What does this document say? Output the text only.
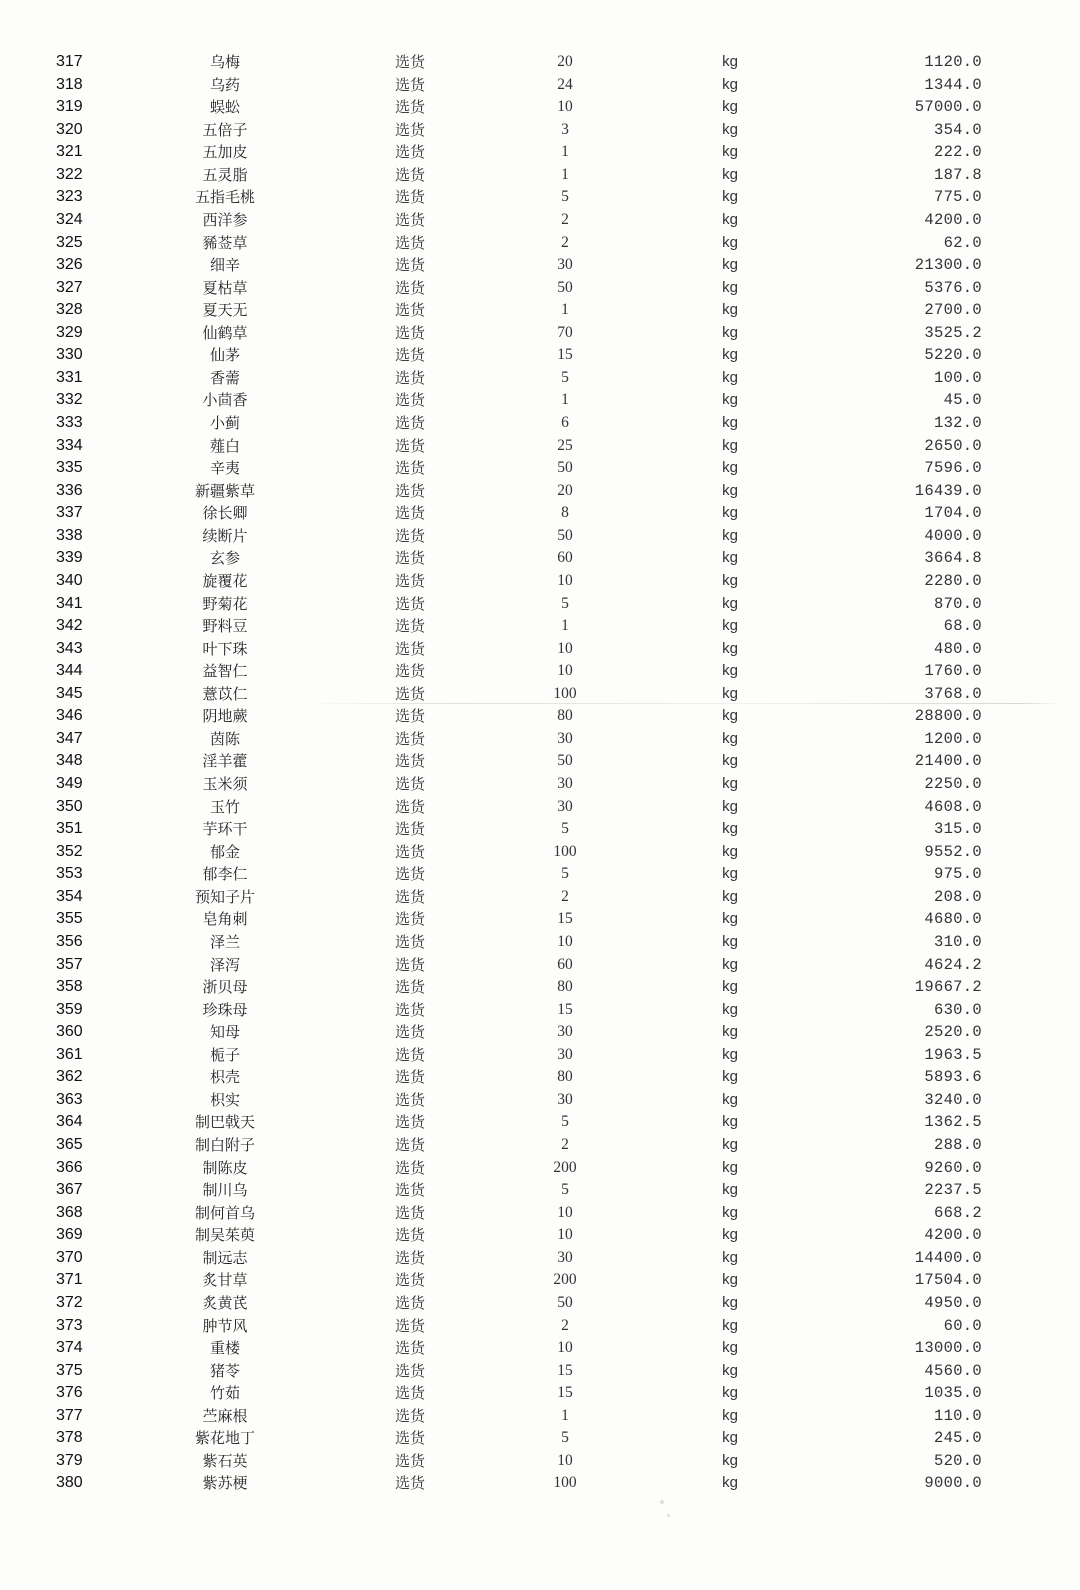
317	乌梅	选货	20	kg	1120.0
318	乌药	选货	24	kg	1344.0
319	蜈蚣	选货	10	kg	57000.0
320	五倍子	选货	3	kg	354.0
321	五加皮	选货	1	kg	222.0
322	五灵脂	选货	1	kg	187.8
323	五指毛桃	选货	5	kg	775.0
324	西洋参	选货	2	kg	4200.0
325	豨莶草	选货	2	kg	62.0
326	细辛	选货	30	kg	21300.0
327	夏枯草	选货	50	kg	5376.0
328	夏天无	选货	1	kg	2700.0
329	仙鹤草	选货	70	kg	3525.2
330	仙茅	选货	15	kg	5220.0
331	香薷	选货	5	kg	100.0
332	小茴香	选货	1	kg	45.0
333	小蓟	选货	6	kg	132.0
334	薤白	选货	25	kg	2650.0
335	辛夷	选货	50	kg	7596.0
336	新疆紫草	选货	20	kg	16439.0
337	徐长卿	选货	8	kg	1704.0
338	续断片	选货	50	kg	4000.0
339	玄参	选货	60	kg	3664.8
340	旋覆花	选货	10	kg	2280.0
341	野菊花	选货	5	kg	870.0
342	野料豆	选货	1	kg	68.0
343	叶下珠	选货	10	kg	480.0
344	益智仁	选货	10	kg	1760.0
345	薏苡仁	选货	100	kg	3768.0
346	阴地蕨	选货	80	kg	28800.0
347	茵陈	选货	30	kg	1200.0
348	淫羊藿	选货	50	kg	21400.0
349	玉米须	选货	30	kg	2250.0
350	玉竹	选货	30	kg	4608.0
351	芋环干	选货	5	kg	315.0
352	郁金	选货	100	kg	9552.0
353	郁李仁	选货	5	kg	975.0
354	预知子片	选货	2	kg	208.0
355	皂角刺	选货	15	kg	4680.0
356	泽兰	选货	10	kg	310.0
357	泽泻	选货	60	kg	4624.2
358	浙贝母	选货	80	kg	19667.2
359	珍珠母	选货	15	kg	630.0
360	知母	选货	30	kg	2520.0
361	栀子	选货	30	kg	1963.5
362	枳壳	选货	80	kg	5893.6
363	枳实	选货	30	kg	3240.0
364	制巴戟天	选货	5	kg	1362.5
365	制白附子	选货	2	kg	288.0
366	制陈皮	选货	200	kg	9260.0
367	制川乌	选货	5	kg	2237.5
368	制何首乌	选货	10	kg	668.2
369	制吴茱萸	选货	10	kg	4200.0
370	制远志	选货	30	kg	14400.0
371	炙甘草	选货	200	kg	17504.0
372	炙黄芪	选货	50	kg	4950.0
373	肿节风	选货	2	kg	60.0
374	重楼	选货	10	kg	13000.0
375	猪苓	选货	15	kg	4560.0
376	竹茹	选货	15	kg	1035.0
377	苎麻根	选货	1	kg	110.0
378	紫花地丁	选货	5	kg	245.0
379	紫石英	选货	10	kg	520.0
380	紫苏梗	选货	100	kg	9000.0
